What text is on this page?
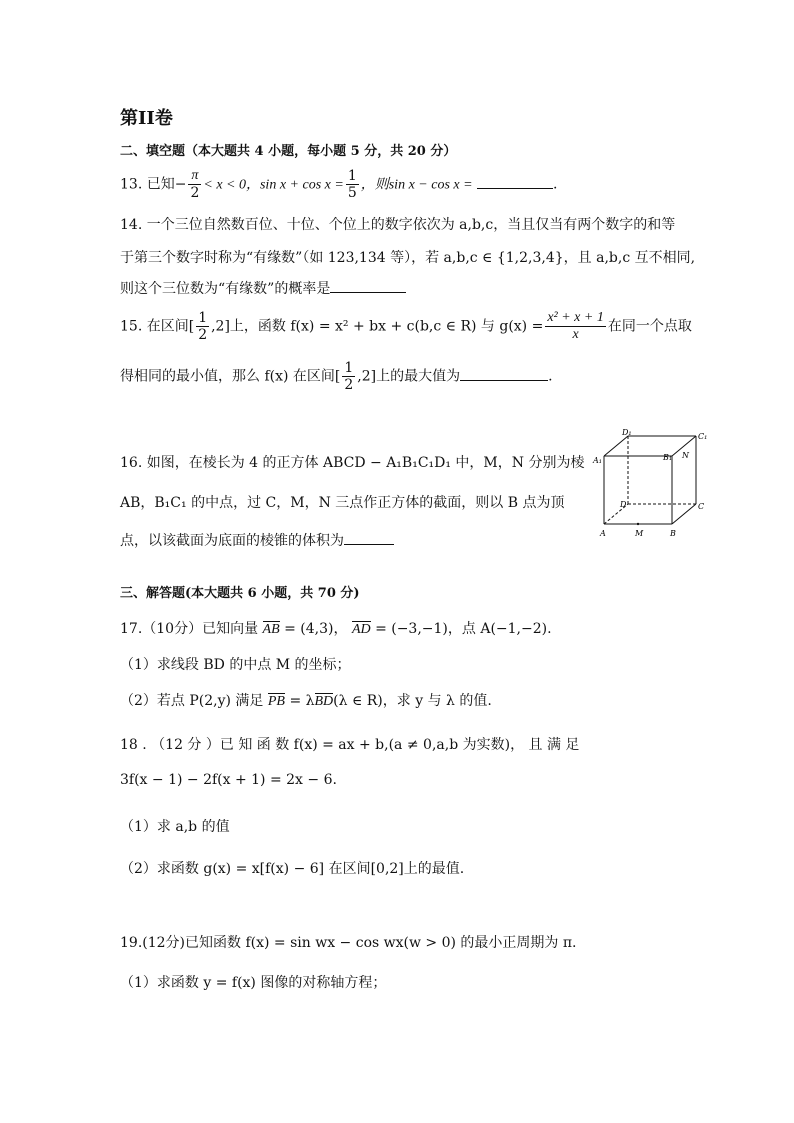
第II卷
二、填空题（本大题共 4 小题，每小题 5 分，共 20 分）
13. 已知− $\frac{\pi}{2} < x < 0$，$\sin x + \cos x = \frac{1}{5}$ ，则sin x − cos x =	.
14. 一个三位自然数百位、十位、个位上的数字依次为 a,b,c，当且仅当有两个数字的和等
于第三个数字时称为“有缘数”（如 123,134 等），若 a,b,c ∈ {1,2,3,4}，且 a,b,c 互不相同,
则这个三位数为“有缘数”的概率是
15. 在区间[ $\frac{1}{2} ,2$]上，函数 f(x) = x² + bx + c(b,c ∈ R) 与 $g(x) = \frac{\text{x² + x + 1}}{x}$ 在同一个点取
得相同的最小值，那么 f(x) 在区间[ $\frac{1}{2} ,2$]上的最大值为	.
16. 如图，在棱长为 4 的正方体 ABCD − A₁B₁C₁D₁ 中，M，N 分别为棱
AB，B₁C₁ 的中点，过 C，M，N 三点作正方体的截面，则以 B 点为顶
点，以该截面为底面的棱锥的体积为
D₁	C₁
A₁	B₁ N
D	C
A	M	B
三、解答题(本大题共 6 小题，共 70 分)
17.（10分）已知向量 AB = (4,3)， AD = (−3,−1)，点 A(−1,−2).
（1）求线段 BD 的中点 M 的坐标；
（2）若点 P(2,y) 满足 PB = λBD(λ ∈ R)，求 y 与 λ 的值.
18 . （12 分 ）已 知 函 数 f(x) = ax + b,(a ≠ 0,a,b 为实数)， 且 满 足
3f(x − 1) − 2f(x + 1) = 2x − 6.
（1）求 a,b 的值
（2）求函数 g(x) = x[f(x) − 6] 在区间[0,2]上的最值.
19.(12分)已知函数 f(x) = sin wx − cos wx(w > 0) 的最小正周期为 π.
（1）求函数 y = f(x) 图像的对称轴方程；
